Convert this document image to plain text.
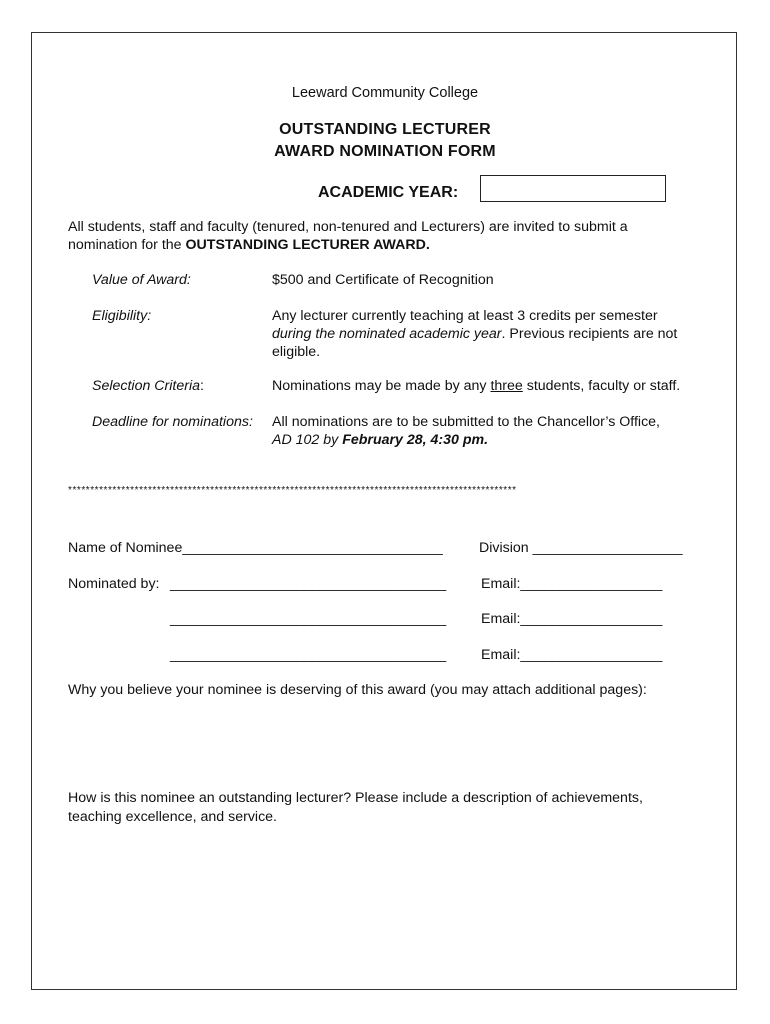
Leeward Community College
OUTSTANDING LECTURER
AWARD NOMINATION FORM
ACADEMIC YEAR:
All students, staff and faculty (tenured, non-tenured and Lecturers) are invited to submit a
nomination for the OUTSTANDING LECTURER AWARD.
Value of Award:	$500 and Certificate of Recognition
Eligibility:	Any lecturer currently teaching at least 3 credits per semester
during the nominated academic year. Previous recipients are not
eligible.
Selection Criteria:	Nominations may be made by any three students, faculty or staff.
Deadline for nominations: All nominations are to be submitted to the Chancellor’s Office,
AD 102 by February 28, 4:30 pm.
*****************************************************************************************************
Name of Nominee_________________________________	Division ___________________
Nominated by: ___________________________________ Email:__________________
___________________________________ Email:__________________
___________________________________ Email:__________________
Why you believe your nominee is deserving of this award (you may attach additional pages):
How is this nominee an outstanding lecturer? Please include a description of achievements,
teaching excellence, and service.
